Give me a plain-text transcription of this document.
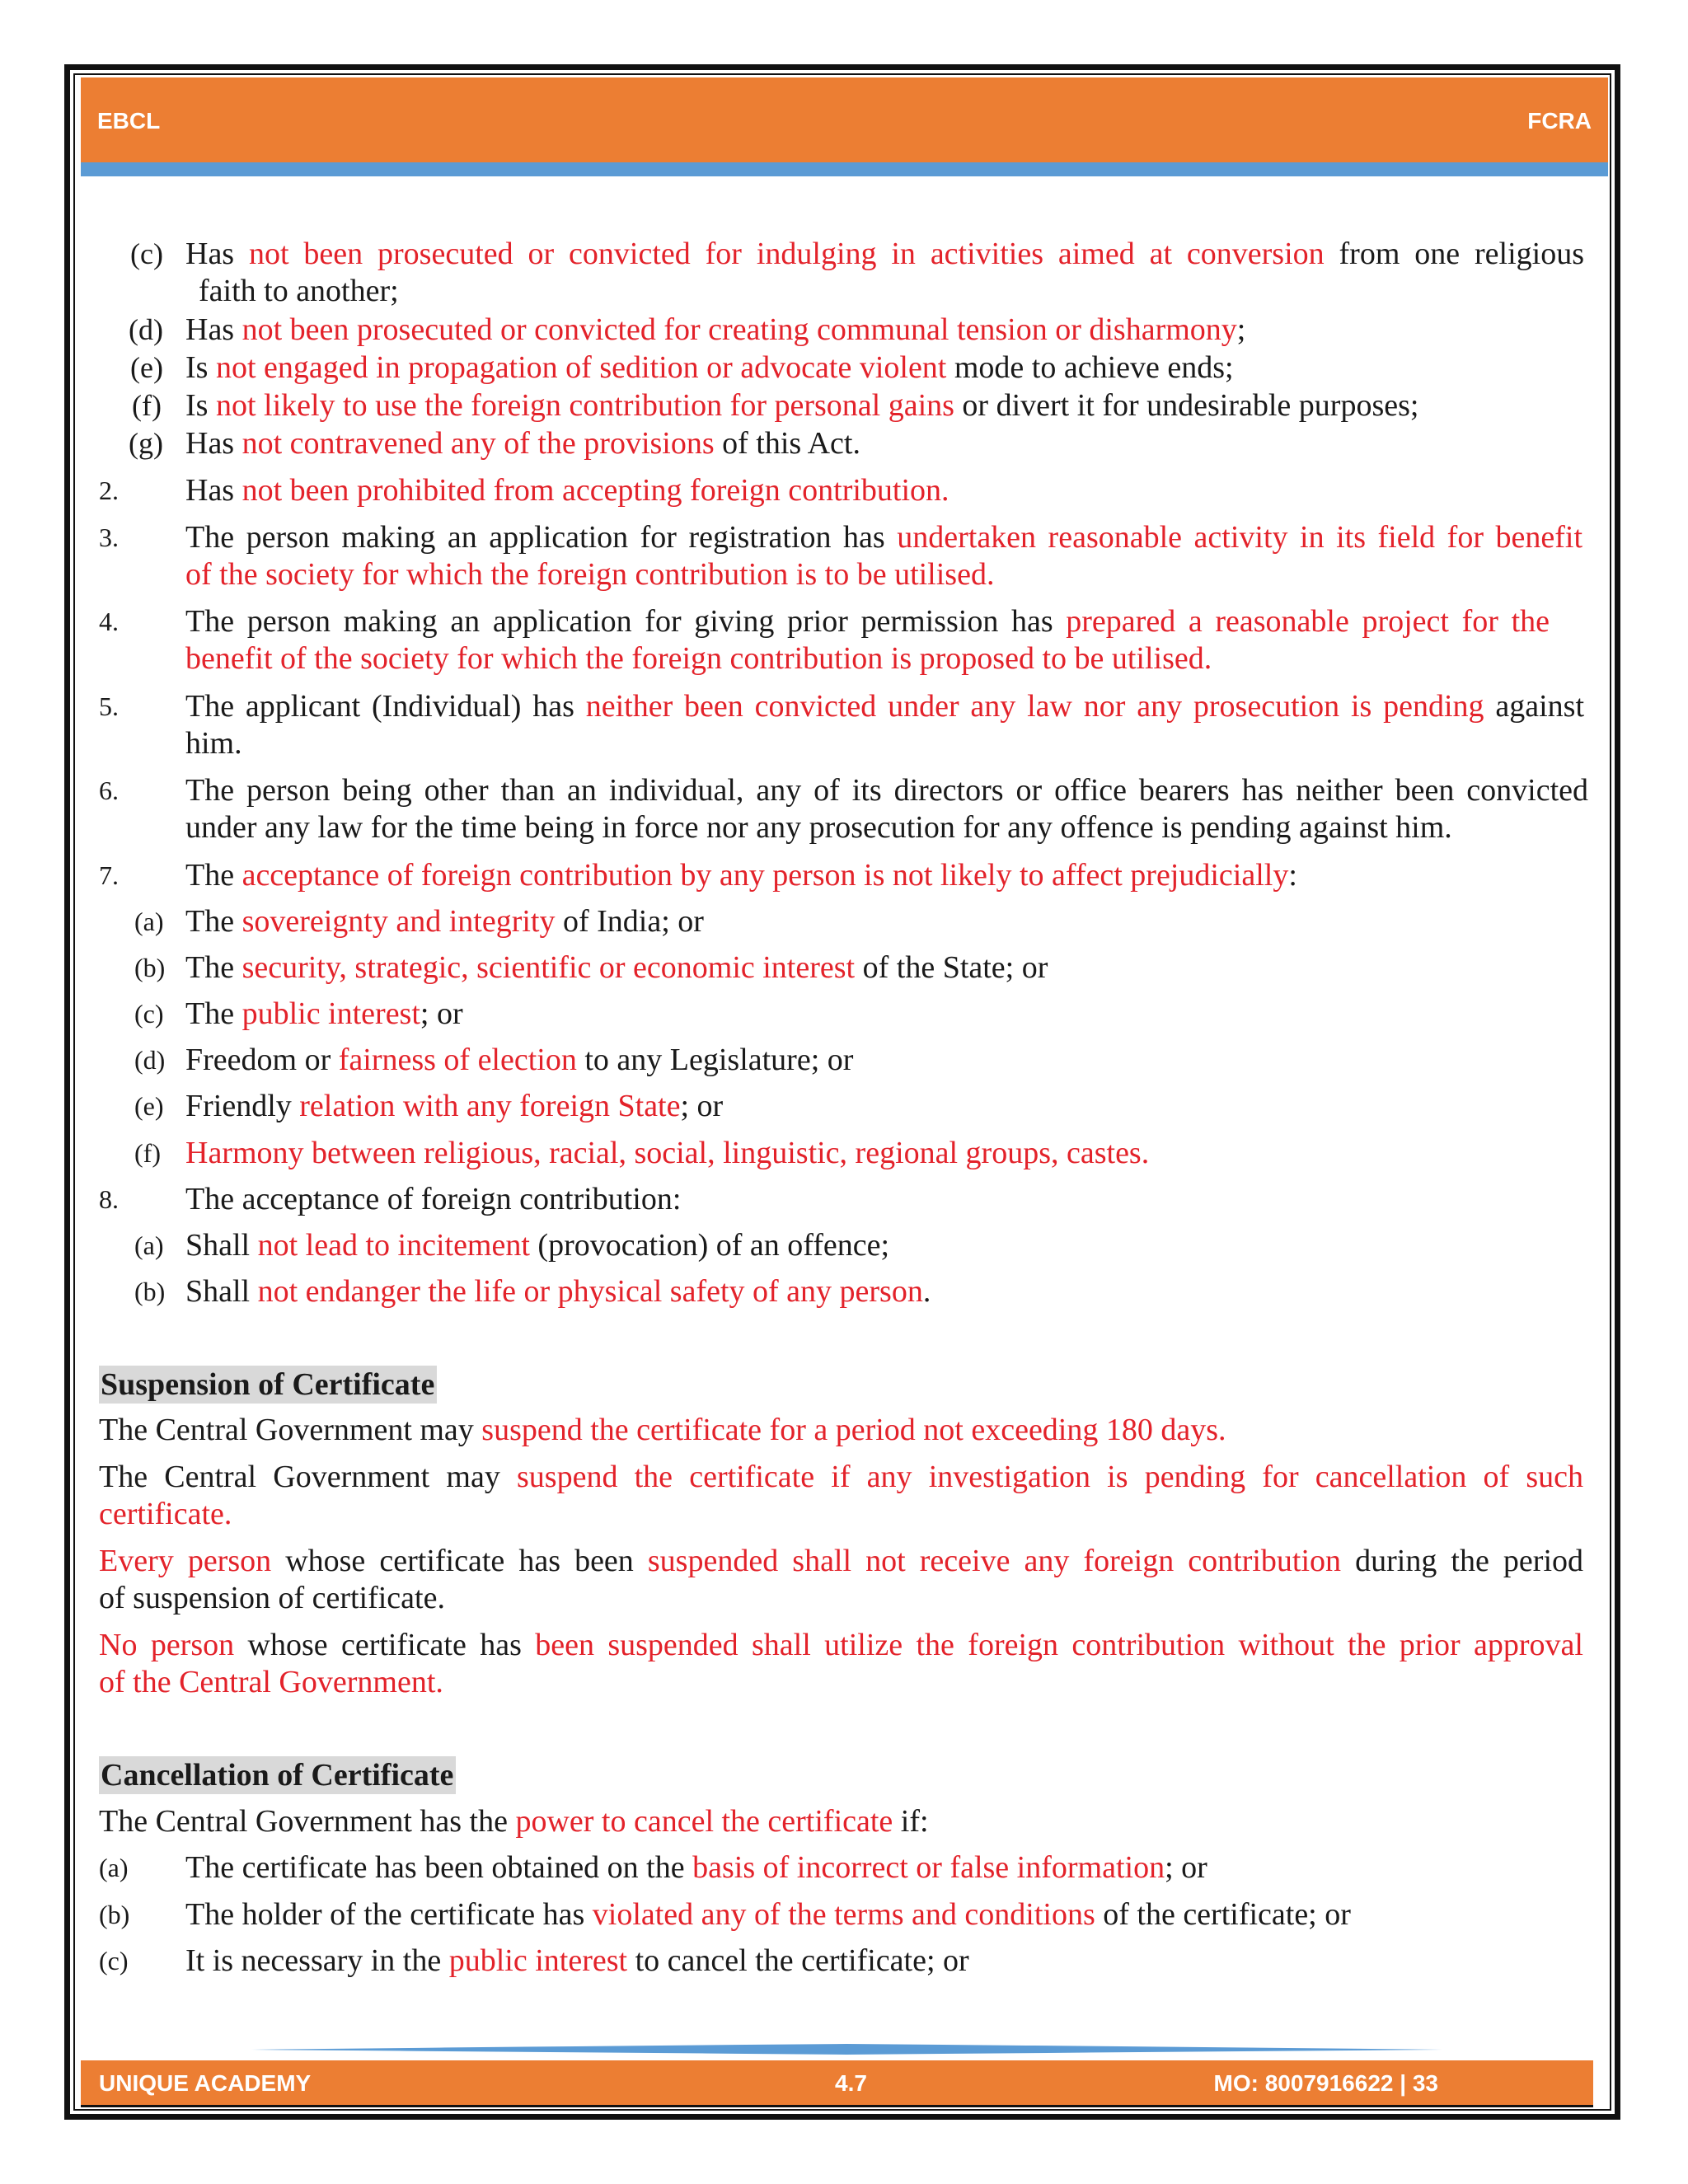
EBCL	FCRA
(c) Has not been prosecuted or convicted for indulging in activities aimed at conversion from one religious
faith to another;
(d) Has not been prosecuted or convicted for creating communal tension or disharmony;
(e) Is not engaged in propagation of sedition or advocate violent mode to achieve ends;
(f) Is not likely to use the foreign contribution for personal gains or divert it for undesirable purposes;
(g) Has not contravened any of the provisions of this Act.
2. Has not been prohibited from accepting foreign contribution.
3. The person making an application for registration has undertaken reasonable activity in its field for benefit
of the society for which the foreign contribution is to be utilised.
4. The person making an application for giving prior permission has prepared a reasonable project for the
benefit of the society for which the foreign contribution is proposed to be utilised.
5. The applicant (Individual) has neither been convicted under any law nor any prosecution is pending against
him.
6. The person being other than an individual, any of its directors or office bearers has neither been convicted
under any law for the time being in force nor any prosecution for any offence is pending against him.
7. The acceptance of foreign contribution by any person is not likely to affect prejudicially:
(a) The sovereignty and integrity of India; or
(b) The security, strategic, scientific or economic interest of the State; or
(c) The public interest; or
(d) Freedom or fairness of election to any Legislature; or
(e) Friendly relation with any foreign State; or
(f) Harmony between religious, racial, social, linguistic, regional groups, castes.
8. The acceptance of foreign contribution:
(a) Shall not lead to incitement (provocation) of an offence;
(b) Shall not endanger the life or physical safety of any person.
Suspension of Certificate
The Central Government may suspend the certificate for a period not exceeding 180 days.
The Central Government may suspend the certificate if any investigation is pending for cancellation of such
certificate.
Every person whose certificate has been suspended shall not receive any foreign contribution during the period
of suspension of certificate.
No person whose certificate has been suspended shall utilize the foreign contribution without the prior approval
of the Central Government.
Cancellation of Certificate
The Central Government has the power to cancel the certificate if:
(a) The certificate has been obtained on the basis of incorrect or false information; or
(b) The holder of the certificate has violated any of the terms and conditions of the certificate; or
(c) It is necessary in the public interest to cancel the certificate; or
UNIQUE ACADEMY	4.7	MO: 8007916622 | 33
